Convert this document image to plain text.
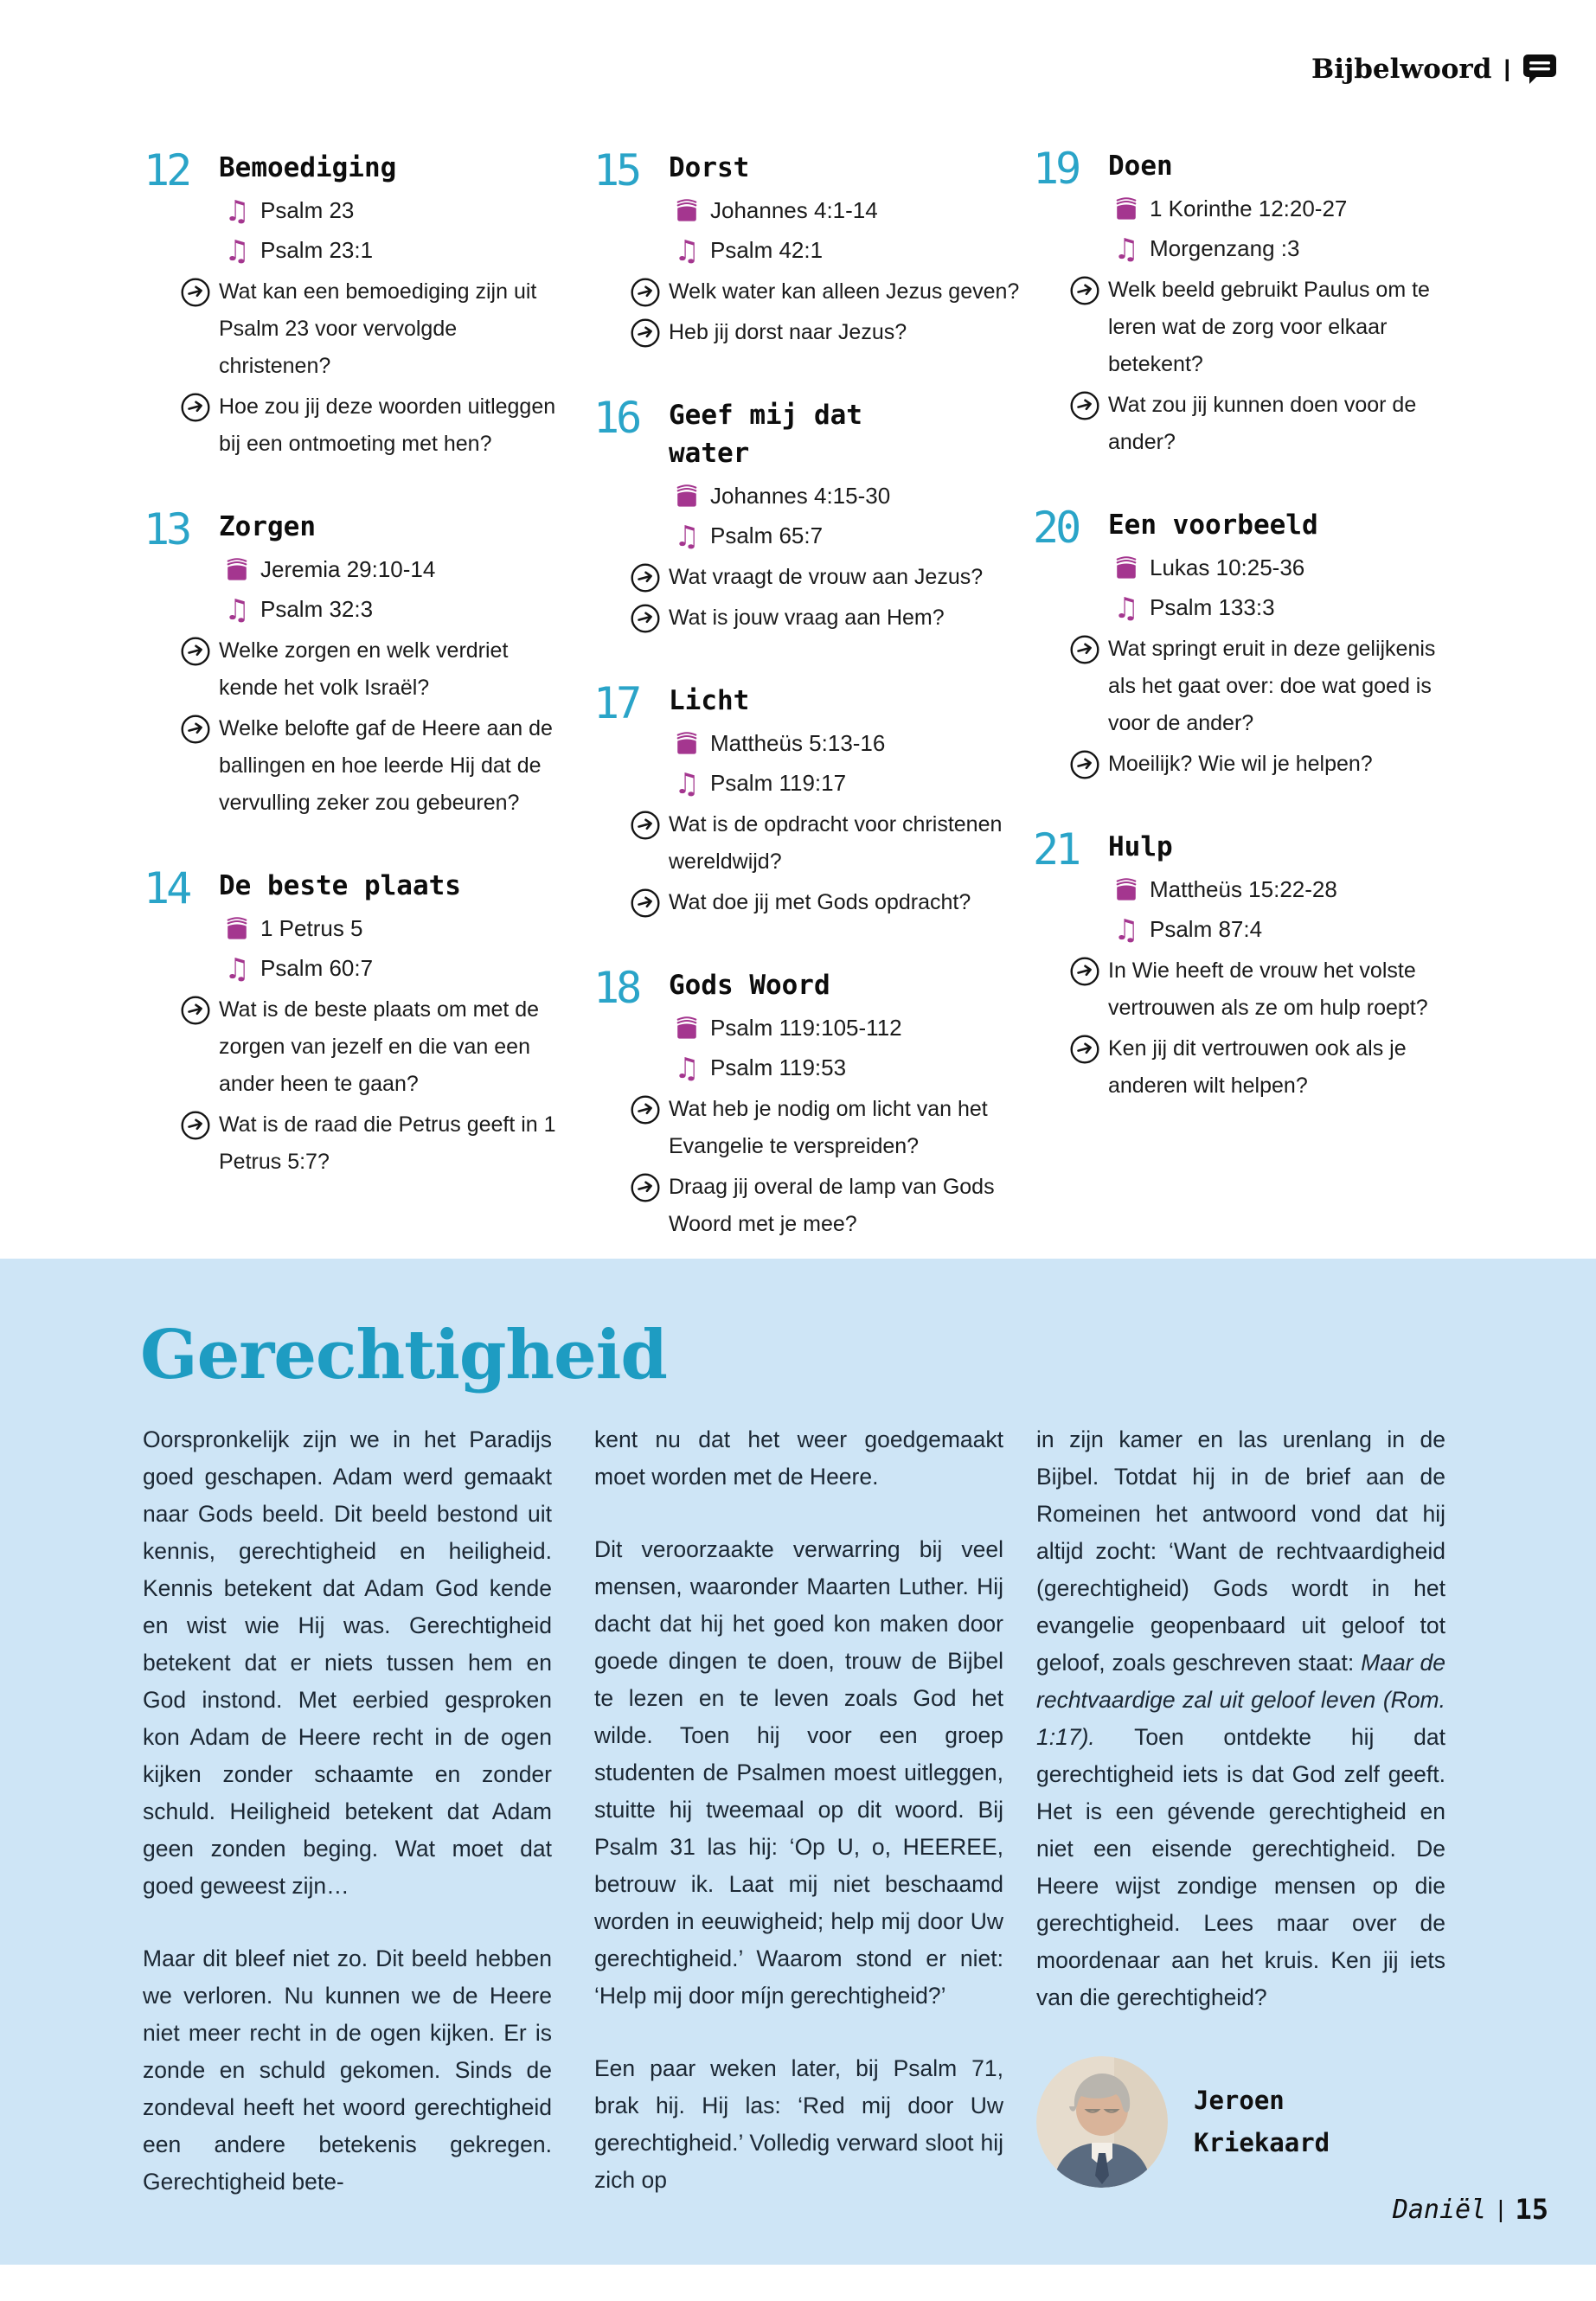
Bijbelwoord |
12 Bemoediging
♫ Psalm 23
♫ Psalm 23:1
Wat kan een bemoediging zijn uit Psalm 23 voor vervolgde christenen?
Hoe zou jij deze woorden uitleggen bij een ontmoeting met hen?
13 Zorgen
Jeremia 29:10-14
♫ Psalm 32:3
Welke zorgen en welk verdriet kende het volk Israël?
Welke belofte gaf de Heere aan de ballingen en hoe leerde Hij dat de vervulling zeker zou gebeuren?
14 De beste plaats
1 Petrus 5
♫ Psalm 60:7
Wat is de beste plaats om met de zorgen van jezelf en die van een ander heen te gaan?
Wat is de raad die Petrus geeft in 1 Petrus 5:7?
15 Dorst
Johannes 4:1-14
♫ Psalm 42:1
Welk water kan alleen Jezus geven?
Heb jij dorst naar Jezus?
16 Geef mij dat water
Johannes 4:15-30
♫ Psalm 65:7
Wat vraagt de vrouw aan Jezus?
Wat is jouw vraag aan Hem?
17 Licht
Mattheüs 5:13-16
♫ Psalm 119:17
Wat is de opdracht voor christenen wereldwijd?
Wat doe jij met Gods opdracht?
18 Gods Woord
Psalm 119:105-112
♫ Psalm 119:53
Wat heb je nodig om licht van het Evangelie te verspreiden?
Draag jij overal de lamp van Gods Woord met je mee?
19 Doen
1 Korinthe 12:20-27
♫ Morgenzang :3
Welk beeld gebruikt Paulus om te leren wat de zorg voor elkaar betekent?
Wat zou jij kunnen doen voor de ander?
20 Een voorbeeld
Lukas 10:25-36
♫ Psalm 133:3
Wat springt eruit in deze gelijkenis als het gaat over: doe wat goed is voor de ander?
Moeilijk? Wie wil je helpen?
21 Hulp
Mattheüs 15:22-28
♫ Psalm 87:4
In Wie heeft de vrouw het volste vertrouwen als ze om hulp roept?
Ken jij dit vertrouwen ook als je anderen wilt helpen?
Gerechtigheid

Oorspronkelijk zijn we in het Paradijs goed geschapen. Adam werd gemaakt naar Gods beeld. Dit beeld bestond uit kennis, gerechtigheid en heiligheid. Kennis betekent dat Adam God kende en wist wie Hij was. Gerechtigheid betekent dat er niets tussen hem en God instond. Met eerbied gesproken kon Adam de Heere recht in de ogen kijken zonder schaamte en zonder schuld. Heiligheid betekent dat Adam geen zonden beging. Wat moet dat goed geweest zijn…

Maar dit bleef niet zo. Dit beeld hebben we verloren. Nu kunnen we de Heere niet meer recht in de ogen kijken. Er is zonde en schuld gekomen. Sinds de zondeval heeft het woord gerechtigheid een andere betekenis gekregen. Gerechtigheid bete-

kent nu dat het weer goedgemaakt moet worden met de Heere.

Dit veroorzaakte verwarring bij veel mensen, waaronder Maarten Luther. Hij dacht dat hij het goed kon maken door goede dingen te doen, trouw de Bijbel te lezen en te leven zoals God het wilde. Toen hij voor een groep studenten de Psalmen moest uitleggen, stuitte hij tweemaal op dit woord. Bij Psalm 31 las hij: ‘Op U, o, HEEREE, betrouw ik. Laat mij niet beschaamd worden in eeuwigheid; help mij door Uw gerechtigheid.’ Waarom stond er niet: ‘Help mij door míjn gerechtigheid?’

Een paar weken later, bij Psalm 71, brak hij. Hij las: ‘Red mij door Uw gerechtigheid.’ Volledig verward sloot hij zich op

in zijn kamer en las urenlang in de Bijbel. Totdat hij in de brief aan de Romeinen het antwoord vond dat hij altijd zocht: ‘Want de rechtvaardigheid (gerechtigheid) Gods wordt in het evangelie geopenbaard uit geloof tot geloof, zoals geschreven staat: Maar de rechtvaardige zal uit geloof leven (Rom. 1:17). Toen ontdekte hij dat gerechtigheid iets is dat God zelf geeft. Het is een gévende gerechtigheid en niet een eisende gerechtigheid. De Heere wijst zondige mensen op die gerechtigheid. Lees maar over de moordenaar aan het kruis. Ken jij iets van die gerechtigheid?

Jeroen
Kriekaard
Daniël | 15
